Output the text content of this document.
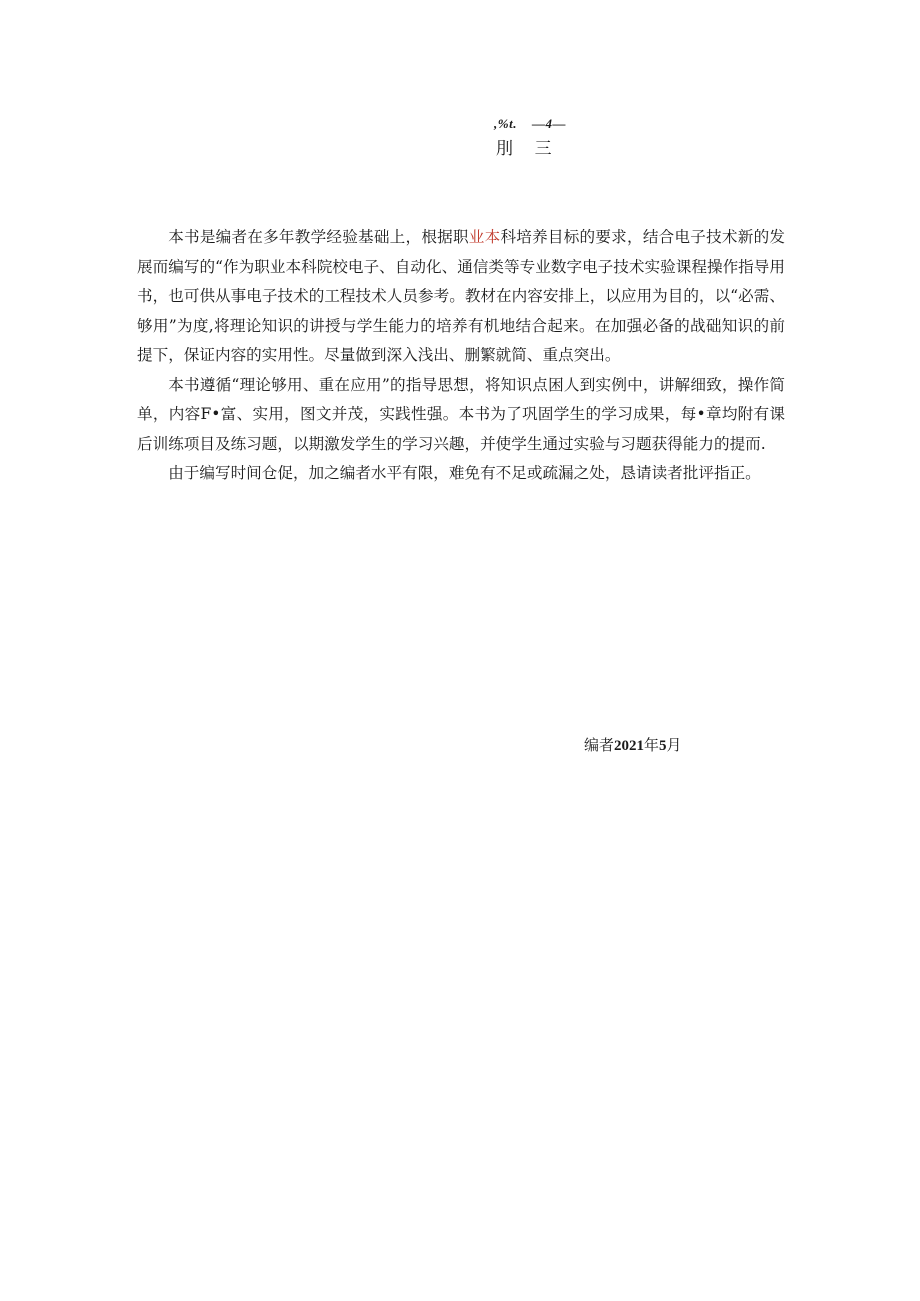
,%t.    —4—
刖    三

本书是编者在多年教学经验基础上，根据职业本科培养目标的要求，结合电子技术新的发展而编写的“作为职业本科院校电子、自动化、通信类等专业数字电子技术实验课程操作指导用书，也可供从事电子技术的工程技术人员参考。教材在内容安排上，以应用为目的，以“必需、够用”为度,将理论知识的讲授与学生能力的培养有机地结合起来。在加强必备的战础知识的前提下，保证内容的实用性。尽量做到深入浅出、删繁就简、重点突出。

本书遵循“理论够用、重在应用”的指导思想，将知识点困人到实例中，讲解细致，操作简单，内容F•富、实用，图文并茂，实践性强。本书为了巩固学生的学习成果，每•章均附有课后训练项目及练习题，以期激发学生的学习兴趣，并使学生通过实验与习题获得能力的提而.

由于编写时间仓促，加之编者水平有限，难免有不足或疏漏之处，恳请读者批评指正。

编者2021年5月
